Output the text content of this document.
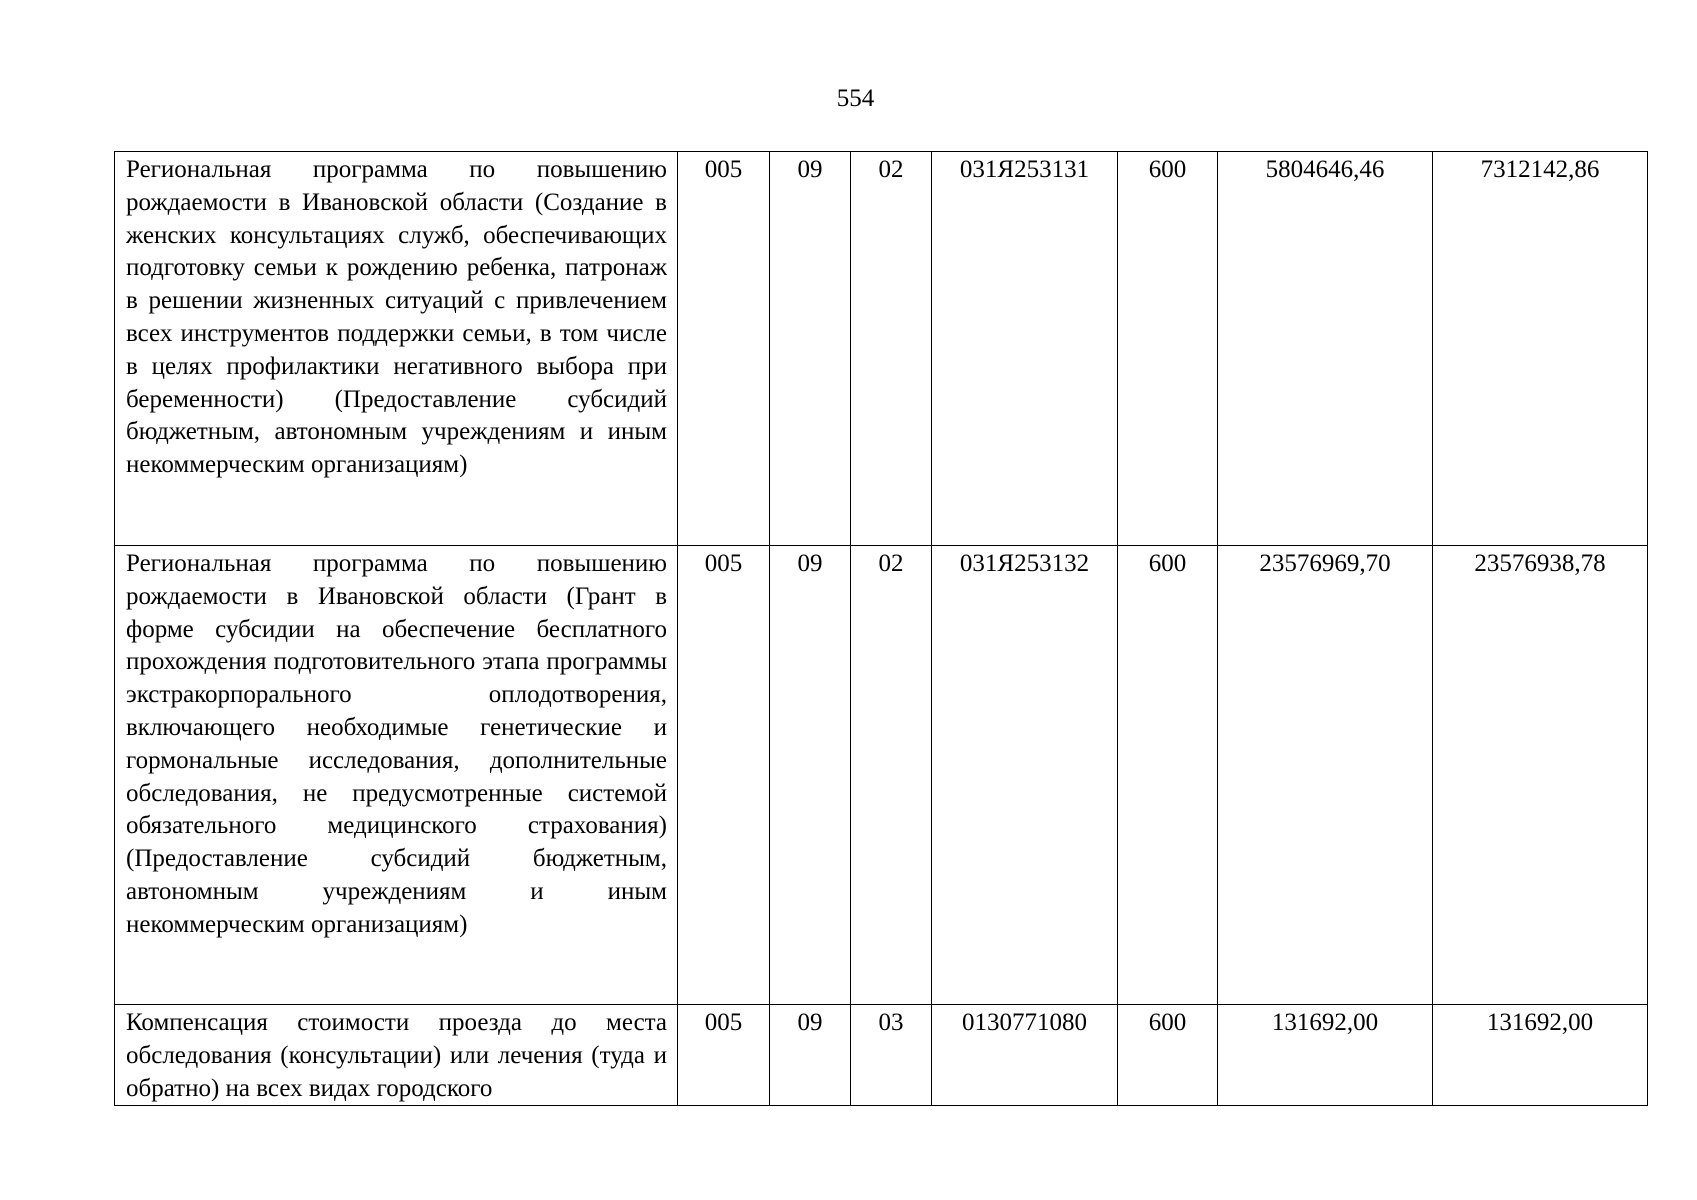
554
Региональная программа по повышению рождаемости в Ивановской области (Создание в женских консультациях служб, обеспечивающих подготовку семьи к рождению ребенка, патронаж в решении жизненных ситуаций с привлечением всех инструментов поддержки семьи, в том числе в целях профилактики негативного выбора при беременности) (Предоставление субсидий бюджетным, автономным учреждениям и иным некоммерческим организациям)	005	09	02	031Я253131	600	5804646,46	7312142,86
Региональная программа по повышению рождаемости в Ивановской области (Грант в форме субсидии на обеспечение бесплатного прохождения подготовительного этапа программы экстракорпорального оплодотворения, включающего необходимые генетические и гормональные исследования, дополнительные обследования, не предусмотренные системой обязательного медицинского страхования) (Предоставление субсидий бюджетным, автономным учреждениям и иным некоммерческим организациям)	005	09	02	031Я253132	600	23576969,70	23576938,78
Компенсация стоимости проезда до места обследования (консультации) или лечения (туда и обратно) на всех видах городского	005	09	03	0130771080	600	131692,00	131692,00
